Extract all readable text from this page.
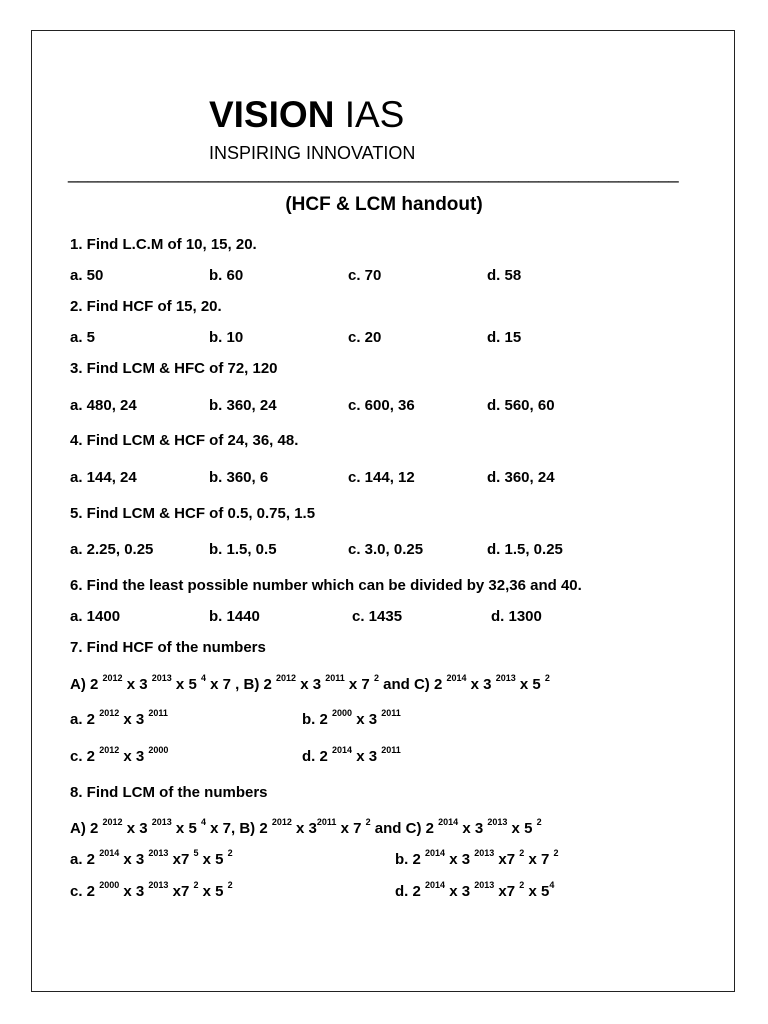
VISION IAS
INSPIRING INNOVATION
_____________________________________________________________
(HCF & LCM handout)
1. Find L.C.M of 10, 15, 20.
a. 50	b. 60	c. 70	d. 58
2. Find HCF of 15, 20.
a. 5	b. 10	c. 20	d. 15
3. Find LCM & HFC of 72, 120
a. 480, 24	b. 360, 24	c. 600, 36	d. 560, 60
4. Find LCM & HCF of 24, 36, 48.
a. 144, 24	b. 360, 6	c. 144, 12	d. 360, 24
5. Find LCM & HCF of 0.5, 0.75, 1.5
a. 2.25, 0.25	b. 1.5, 0.5	c. 3.0, 0.25	d. 1.5, 0.25
6. Find the least possible number which can be divided by 32,36 and 40.
a. 1400	b. 1440	c. 1435	d. 1300
7. Find HCF of the numbers
A) 2 $^{2012}$ x 3 $^{2013}$ x 5 $^4$ x 7 , B) 2 $^{2012}$ x 3 $^{2011}$ x 7 $^2$ and C) 2 $^{2014}$ x 3 $^{2013}$ x 5 $^2$
a. 2 $^{2012}$ x 3 $^{2011}$	b. 2 $^{2000}$ x 3 $^{2011}$
c. 2 $^{2012}$ x 3 $^{2000}$	d. 2 $^{2014}$ x 3 $^{2011}$
8. Find LCM of the numbers
A) 2 $^{2012}$ x 3 $^{2013}$ x 5 $^4$ x 7, B) 2 $^{2012}$ x $3^{2011}$ x 7 $^2$ and C) 2 $^{2014}$ x 3 $^{2013}$ x 5 $^2$
a. 2 $^{2014}$ x 3 $^{2013}$ x7 $^5$ x 5 $^2$	b. 2 $^{2014}$ x 3 $^{2013}$ x7 $^2$ x 7 $^2$
c. 2 $^{2000}$ x 3 $^{2013}$ x7 $^2$ x 5 $^2$	d. 2 $^{2014}$ x 3 $^{2013}$ x7 $^2$ x $5^4$
